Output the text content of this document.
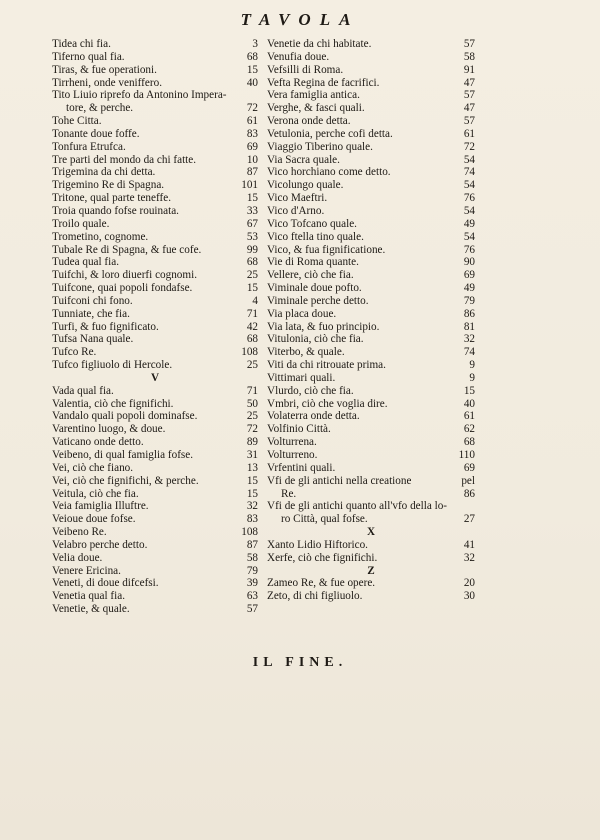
TAVOLA
Tidea chi fia.	3
Tiferno qual fia.	68
Tiras, & fue operationi.	15
Tirrheni, onde veniffero.	40
Tito Liuio riprefo da Antonino Impera-
tore, & perche.	72
Tohe Citta.	61
Tonante doue foffe.	83
Tonfura Etrufca.	69
Tre parti del mondo da chi fatte.	10
Trigemina da chi detta.	87
Trigemino Re di Spagna.	101
Tritone, qual parte teneffe.	15
Troia quando fofse rouinata.	33
Troilo quale.	67
Trometino, cognome.	53
Tubale Re di Spagna, & fue cofe.	99
Tudea qual fia.	68
Tuifchi, & loro diuerfi cognomi.	25
Tuifcone, quai popoli fondafse.	15
Tuifconi chi fono.	4
Tunniate, che fia.	71
Turfi, & fuo fignificato.	42
Tufsa Nana quale.	68
Tufco Re.	108
Tufco figliuolo di Hercole.	25
V
Vada qual fia.	71
Valentia, ciò che fignifichi.	50
Vandalo quali popoli dominafse.	25
Varentino luogo, & doue.	72
Vaticano onde detto.	89
Veibeno, di qual famiglia fofse.	31
Vei, ciò che fiano.	13
Vei, ciò che fignifichi, & perche.	15
Veitula, ciò che fia.	15
Veia famiglia Illuftre.	32
Veioue doue fofse.	83
Veibeno Re.	108
Velabro perche detto.	87
Velia doue.	58
Venere Ericina.	79
Veneti, di doue difcefsi.	39
Venetia qual fia.	63
Venetie, & quale.	57
Venetie da chi habitate.	57
Venufia doue.	58
Vefsilli di Roma.	91
Vefta Regina de facrifici.	47
Vera famiglia antica.	57
Verghe, & fasci quali.	47
Verona onde detta.	57
Vetulonia, perche cofi detta.	61
Viaggio Tiberino quale.	72
Via Sacra quale.	54
Vico horchiano come detto.	74
Vicolungo quale.	54
Vico Maeftri.	76
Vico d'Arno.	54
Vico Tofcano quale.	49
Vico ftella tino quale.	54
Vico, & fua fignificatione.	76
Vie di Roma quante.	90
Vellere, ciò che fia.	69
Viminale doue pofto.	49
Viminale perche detto.	79
Via placa doue.	86
Via lata, & fuo principio.	81
Vitulonia, ciò che fia.	32
Viterbo, & quale.	74
Viti da chi ritrouate prima.	9
Vittimari quali.	9
Vlurdo, ciò che fia.	15
Vmbri, ciò che voglia dire.	40
Volaterra onde detta.	61
Volfinio Città.	62
Volturrena.	68
Volturreno.	110
Vrfentini quali.	69
Vfi de gli antichi nella creatione	pel
Re.	86
Vfi de gli antichi quanto all'vfo della lo-
ro Città, qual fofse.	27
X
Xanto Lidio Hiftorico.	41
Xerfe, ciò che fignifichi.	32
Z
Zameo Re, & fue opere.	20
Zeto, di chi figliuolo.	30
IL FINE.
